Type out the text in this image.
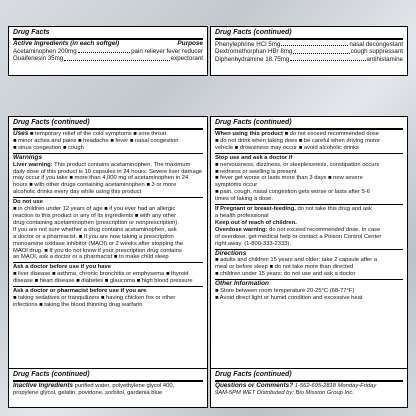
Drug Facts
Active Ingredients (in each softgel)	Purpose
Acetaminophen 200mg	pain reliever fever reducer
Guaifenesin 35mg	expectorant
Drug Facts (continued)
Phenylephrine HCl 5mg	nasal decongestant
Dextromethorphan HBr 8mg	cough suppressant
Diphenhydramine 18.75mg	antihistamine
Drug Facts (continued)
Uses ■ temporary relief of the cold symptoms ■ sore throat
■ minor aches and pains ■ headache ■ fever ■ nasal congestion
■ sinus congestion ■ cough
Warnings
Liver warning: This product contains acetaminophen. The maximum
daily dose of this product is 10 capsules in 24 hours. Severe liver damage
may occur if you take ■ more than 4,000 mg of acetaminophen in 24
hours ■ with other drugs containing acetaminophen ■ 3 or more
alcoholic drinks every day while using this product
Do not use
■ in children under 12 years of age ■ if you ever had an allergic
reaction to this product or any of its ingredients ■ with any other
drug containing acetaminophen (prescription or nonprescription).
If you are not sure whether a drug contains acetaminophen, ask
a doctor or a pharmacist. ■ If you are now taking a prescription
monoamine oxidase inhibitor (MAOI) or 2 weeks after stopping the
MAOI drug. ■ If you do not know if your prescription drug contains
an MAOI, ask a doctor or a pharmacist ■ to make child sleep
Ask a doctor before use if you have
■ liver disease ■ asthma, chronic bronchitis or emphysema ■ thyroid
disease ■ heart disease ■ diabetes ■ glaucoma ■ high blood pressure
Ask a doctor or pharmacist before use if you are
■ taking sedatives or tranquilizers ■ having chicken fox or other
infections ■ taking the blood thinning drug warfarin
Drug Facts (continued)
When using this product ■ do not exceed recommended dose
■ do not drink when taking does ■ be careful when driving motor
vehicle ■ drowsiness may occur ■ avoid alcoholic drinks
Stop use and ask a doctor if
■ nervousness, dizziness, or sleeplessness, constipation occurs
■ redness or swelling is present
■ fever get worse or lasts more than 3 days ■ new severe
symptoms occur
■ pain, cough, nasal congestion gets worse or lasts after 5-6
times of taking a dose.
If Pregnant or breast-feeding, do not take this drug and ask
a health professional
Keep out of reach of children.
Overdose warning: do not exceed recommended dose. In case
of overdose, get medical help or contact a Poison Control Center
right away. (1-800-333-2333).
Directions
■ adults and children 15 years and older: take 2 capsule after a
meal or before sleep ■ do not take more than directed
■ children under 15 years: do not use and ask a doctor
Other Information
■ Store between room temperature 20-25°C (68-77°F)
■ Avoid direct light or humid condition and excessive heat
Drug Facts (continued)
Inactive Ingredients purified water, polyethylene glycol 400,
propylene glycol, gelatin, povidone, sorbitol, gardenia blue
Drug Facts (continued)
Questions or Comments? 1-562-695-2818 Monday-Friday
9AM-5PM WET Distributed by: Bio Mission Group Inc.
